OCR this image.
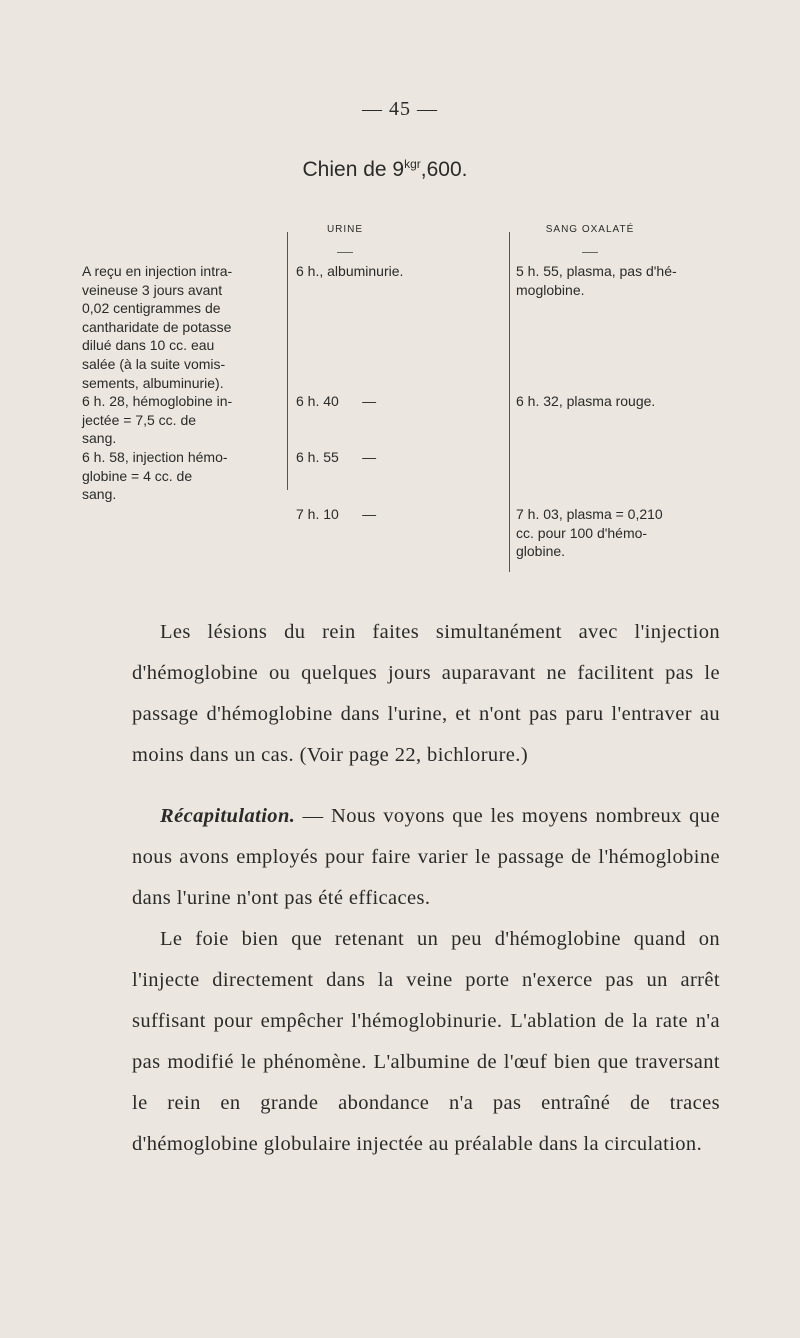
— 45 —
Chien de $9^{kgr},600$.
URINE	SANG OXALATÉ
A reçu en injection intra-
veineuse 3 jours avant
0,02 centigrammes de
cantharidate de potasse
dilué dans 10 cc. eau
salée (à la suite vomis-
sements, albuminurie).
6 h. 28, hémoglobine in-
jectée = 7,5 cc. de
sang.
6 h. 58, injection hémo-
globine = 4 cc. de
sang.
6 h., albuminurie.
6 h. 40      —
6 h. 55      —
7 h. 10      —
5 h. 55, plasma, pas d'hé-
moglobine.
6 h. 32, plasma rouge.
7 h. 03, plasma = 0,210
cc. pour 100 d'hémo-
globine.

Les lésions du rein faites simultanément avec l'injection d'hémoglobine ou quelques jours auparavant ne facilitent pas le passage d'hémoglobine dans l'urine, et n'ont pas paru l'entraver au moins dans un cas. (Voir page 22, bichlorure.)

Récapitulation. — Nous voyons que les moyens nombreux que nous avons employés pour faire varier le passage de l'hémoglobine dans l'urine n'ont pas été efficaces.

Le foie bien que retenant un peu d'hémoglobine quand on l'injecte directement dans la veine porte n'exerce pas un arrêt suffisant pour empêcher l'hémoglobinurie. L'ablation de la rate n'a pas modifié le phénomène. L'albumine de l'œuf bien que traversant le rein en grande abondance n'a pas entraîné de traces d'hémoglobine globulaire injectée au préalable dans la circulation.
